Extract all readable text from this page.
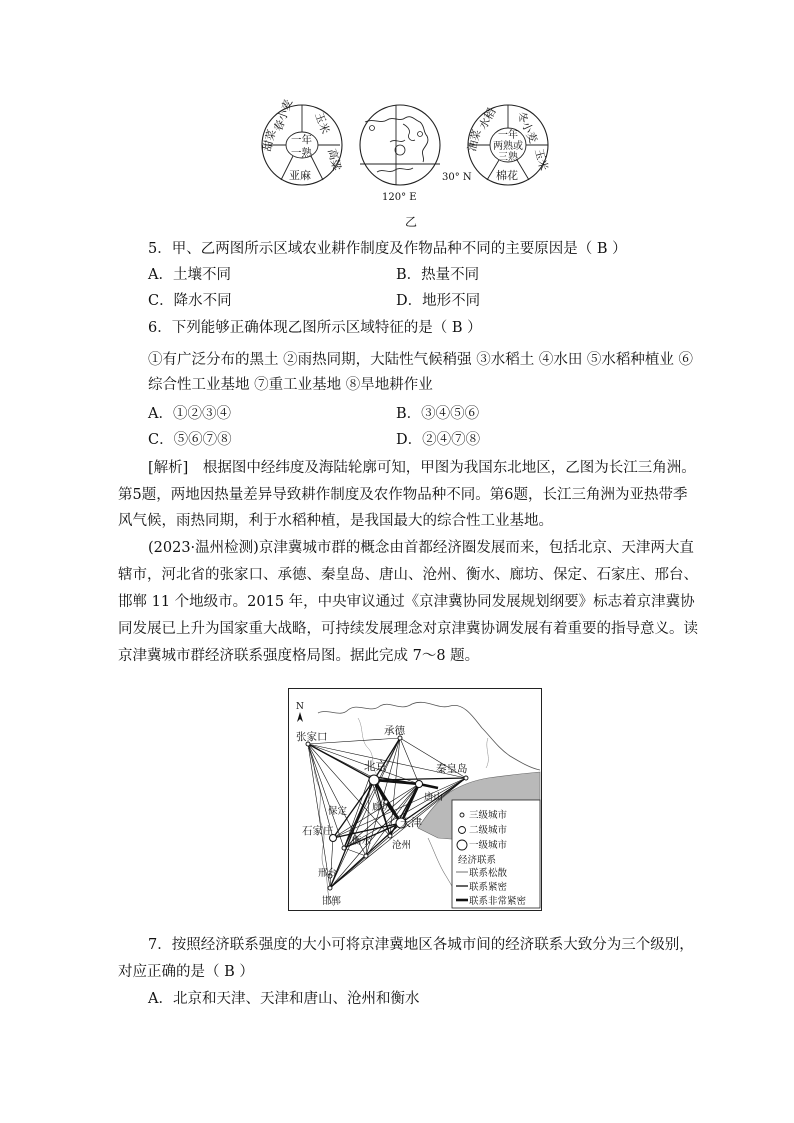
春小麦 玉米
一年
一熟 高粱
亚麻
甜菜
30° N
120° E
水稻 冬小麦
一年
两熟或
三熟 玉米
棉花
油菜
乙
5．甲、乙两图所示区域农业耕作制度及作物品种不同的主要原因是（ B ）
A．土壤不同	B．热量不同
C．降水不同	D．地形不同
6．下列能够正确体现乙图所示区域特征的是（ B ）
①有广泛分布的黑土 ②雨热同期，大陆性气候稍强 ③水稻土 ④水田 ⑤水稻种植业 ⑥
综合性工业基地 ⑦重工业基地 ⑧旱地耕作业
A．①②③④	B．③④⑤⑥
C．⑤⑥⑦⑧	D．②④⑦⑧
[解析]　根据图中经纬度及海陆轮廓可知，甲图为我国东北地区，乙图为长江三角洲。
第5题，两地因热量差异导致耕作制度及农作物品种不同。第6题，长江三角洲为亚热带季
风气候，雨热同期，利于水稻种植，是我国最大的综合性工业基地。
(2023·温州检测)京津冀城市群的概念由首都经济圈发展而来，包括北京、天津两大直
辖市，河北省的张家口、承德、秦皇岛、唐山、沧州、衡水、廊坊、保定、石家庄、邢台、
邯郸 11 个地级市。2015 年，中央审议通过《京津冀协同发展规划纲要》标志着京津冀协
同发展已上升为国家重大战略，可持续发展理念对京津冀协调发展有着重要的指导意义。读
京津冀城市群经济联系强度格局图。据此完成 7～8 题。
N
张家口	承德
北京	秦皇岛
唐山
廊坊
保定
天津
石家庄
沧州
衡水
邢台
邯郸
三级城市
二级城市
一级城市
经济联系
联系松散
联系紧密
联系非常紧密
7．按照经济联系强度的大小可将京津冀地区各城市间的经济联系大致分为三个级别，
对应正确的是（ B ）
A．北京和天津、天津和唐山、沧州和衡水
